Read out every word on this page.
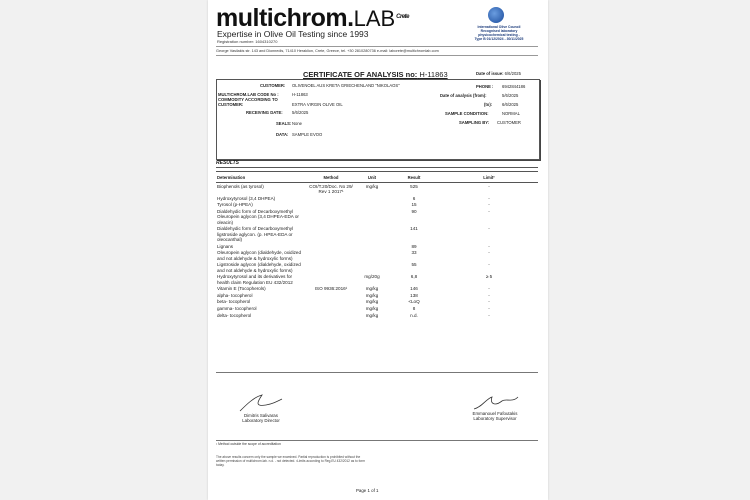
$multichrom.LAB^{Crete}$
Expertise in Olive Oil Testing since 1993
Registration number: 1604310270
International Olive Council Recognised laboratory physicochemical testing - Type B 01/12/2024 - 30/11/2025
George Vasilakis str. 143 and Dionnedis, 71410 Heraklion, Crete, Greece, tel. +30 2810280736 e-mail: laborete@multichromlab.com
CERTIFICATE OF ANALYSIS no: H-11863	Date of issue: 6/6/2025
CUSTOMER: OLIVENOEL AUS KRETA GRIECHENLAND "NIKOLAOS"	PHONE : 6942844186
MULTICHROM.LAB CODE No :	H-11863	Date of analysis (from):	5/6/2025
COMMODITY ACCORDING TO CUSTOMER:	EXTRA VIRGIN OLIVE OIL	(to): 6/6/2025
RECEIVING DATE: 5/6/2025	SAMPLE CONDITION:	NORMAL
SEALS: None	SAMPLING BY: CUSTOMER
DATA: SAMPLE EVOO
RESULTS
Determination	Method	Unit	Result	Limit²
Biophenols (as tyrosol)	COI/T.20/Doc. No 29/ Rev 1 2017¹	mg/kg	525	-
Hydroxytyrosol (3,4 DHPEA)			6	-
Tyrosol (p-HPEA)			15	-
Dialdehydic form of Decarboxymethyl Oleuropein aglycon (3,4 DHPEA-EDA or oleacin)			90	-
Dialdehydic form of Decarboxymethyl ligstroside aglycon. (p. HPEA-EDA or oleocanthal)			141	-
Lignans			89	-
Oleuropein aglycon (dialdehyde, oxidized and not aldehyde & hydroxylic forms)			33	-
Ligstroside aglycon (dialdehyde, oxidized and not aldehyde & hydroxylic forms)			55	-
Hydroxytyrosol and its derivatives for health claim Regulation EU 432/2012		mg/20g	6,8	≥ 5
Vitamin E (Tocopherols)	ISO 9936:2016¹	mg/kg	146	-
alpha- tocopherol		mg/kg	138	-
beta- tocopherol		mg/kg	<LoQ	-
gamma- tocopherol		mg/kg	8	-
delta- tocopherol		mg/kg	n.d.	-
Dimitris Salivaras
Laboratory Director
Emmanouel Fafoutakis
Laboratory Supervisor
¹ Method outside the scope of accreditation
The above results concern only the sample we examined. Partial reproduction is prohibited without the written permission of multichrom.lab. n.d. - not detected. ²Limits according to Reg.EU 432/2012 as to form today.
Page 1 of 1
